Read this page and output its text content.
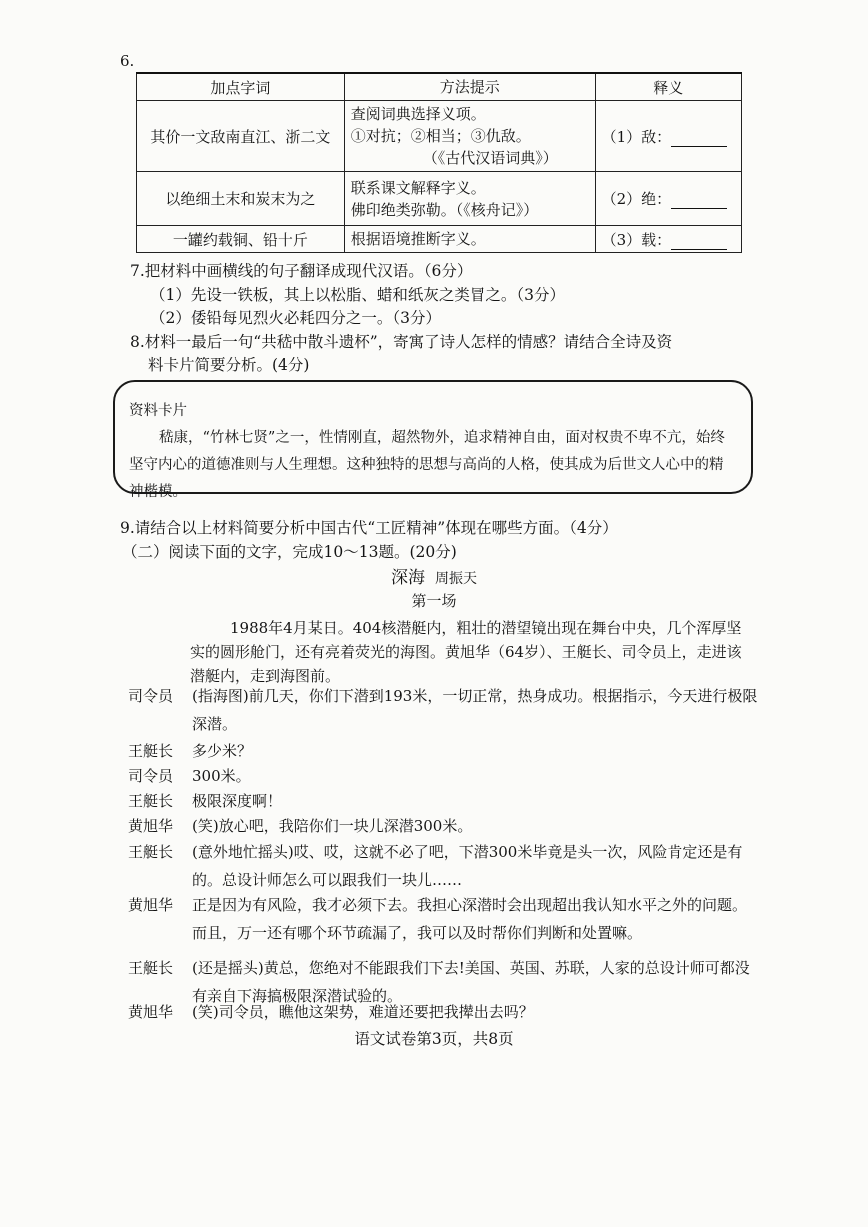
6.
加点字词	方法提示	释义
其价一文敌南直江、浙二文	查阅词典选择义项。
①对抗；②相当；③仇敌。
（《古代汉语词典》）	（1）敌：
以绝细土末和炭末为之	联系课文解释字义。
佛印绝类弥勒。（《核舟记》）	（2）绝：
一罐约载铜、铅十斤	根据语境推断字义。	（3）载：
7.把材料中画横线的句子翻译成现代汉语。（6分）
（1）先设一铁板，其上以松脂、蜡和纸灰之类冒之。（3分）
（2）倭铅每见烈火必耗四分之一。（3分）
8.材料一最后一句“共嵇中散斗遗杯”，寄寓了诗人怎样的情感？请结合全诗及资
料卡片简要分析。(4分)
资料卡片
嵇康，“竹林七贤”之一，性情刚直，超然物外，追求精神自由，面对权贵不卑不亢，始终坚守内心的道德准则与人生理想。这种独特的思想与高尚的人格，使其成为后世文人心中的精神楷模。
9.请结合以上材料简要分析中国古代“工匠精神”体现在哪些方面。（4分）
（二）阅读下面的文字，完成10～13题。(20分)
深海 周振天
第一场
1988年4月某日。404核潜艇内，粗壮的潜望镜出现在舞台中央，几个浑厚坚实的圆形舱门，还有亮着荧光的海图。黄旭华（64岁）、王艇长、司令员上，走进该潜艇内，走到海图前。
司令员	(指海图)前几天，你们下潜到193米，一切正常，热身成功。根据指示，今天进行极限深潜。
王艇长	多少米？
司令员	300米。
王艇长	极限深度啊！
黄旭华	(笑)放心吧，我陪你们一块儿深潜300米。
王艇长	(意外地忙摇头)哎、哎，这就不必了吧，下潜300米毕竟是头一次，风险肯定还是有的。总设计师怎么可以跟我们一块儿……
黄旭华	正是因为有风险，我才必须下去。我担心深潜时会出现超出我认知水平之外的问题。而且，万一还有哪个环节疏漏了，我可以及时帮你们判断和处置嘛。
王艇长	(还是摇头)黄总，您绝对不能跟我们下去!美国、英国、苏联，人家的总设计师可都没有亲自下海搞极限深潜试验的。
黄旭华	(笑)司令员，瞧他这架势，难道还要把我撵出去吗？
语文试卷第3页，共8页
